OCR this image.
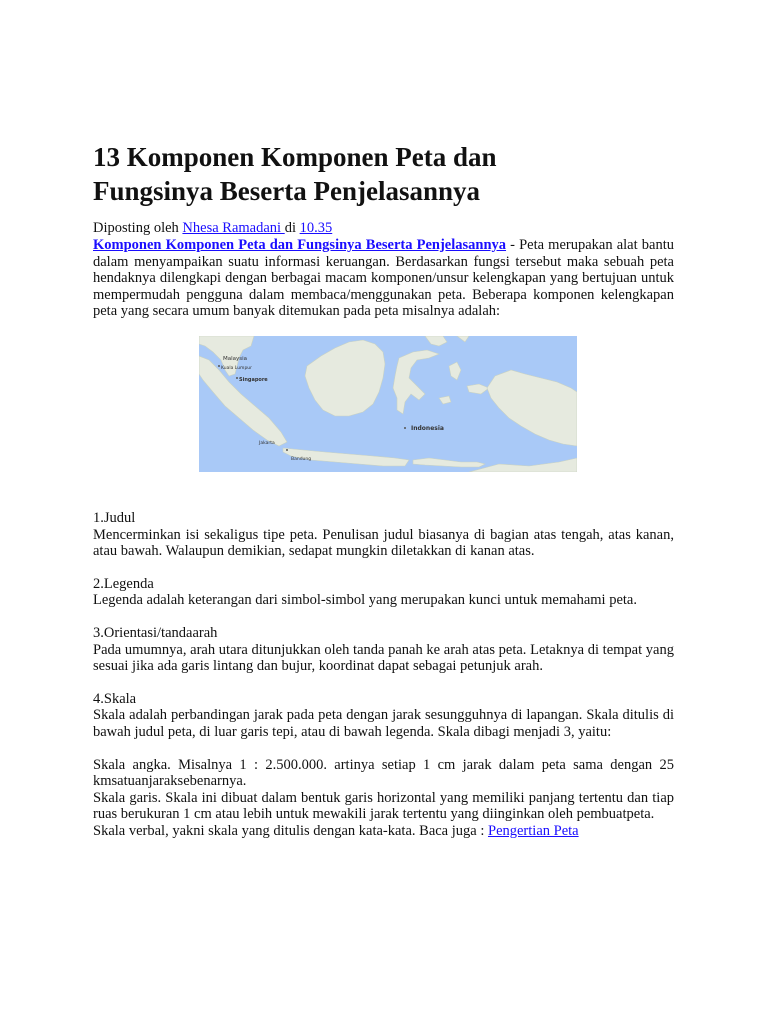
13 Komponen Komponen Peta dan
Fungsinya Beserta Penjelasannya
Diposting oleh Nhesa Ramadani di 10.35

Komponen Komponen Peta dan Fungsinya Beserta Penjelasannya - Peta merupakan alat bantu dalam menyampaikan suatu informasi keruangan. Berdasarkan fungsi tersebut maka sebuah peta hendaknya dilengkapi dengan berbagai macam komponen/unsur kelengkapan yang bertujuan untuk mempermudah pengguna dalam membaca/menggunakan peta. Beberapa komponen kelengkapan peta yang secara umum banyak ditemukan pada peta misalnya adalah:

Malaysia
Kuala Lumpur
Singapore
Indonesia
Jakarta
Bandung
1.Judul

Mencerminkan isi sekaligus tipe peta. Penulisan judul biasanya di bagian atas tengah, atas kanan, atau bawah. Walaupun demikian, sedapat mungkin diletakkan di kanan atas.

2.Legenda

Legenda adalah keterangan dari simbol-simbol yang merupakan kunci untuk memahami peta.

3.Orientasi/tandaarah

Pada umumnya, arah utara ditunjukkan oleh tanda panah ke arah atas peta. Letaknya di tempat yang sesuai jika ada garis lintang dan bujur, koordinat dapat sebagai petunjuk arah.

4.Skala

Skala adalah perbandingan jarak pada peta dengan jarak sesungguhnya di lapangan. Skala ditulis di bawah judul peta, di luar garis tepi, atau di bawah legenda. Skala dibagi menjadi 3, yaitu:

Skala angka. Misalnya 1 : 2.500.000. artinya setiap 1 cm jarak dalam peta sama dengan 25 kmsatuanjaraksebenarnya.

Skala garis. Skala ini dibuat dalam bentuk garis horizontal yang memiliki panjang tertentu dan tiap ruas berukuran 1 cm atau lebih untuk mewakili jarak tertentu yang diinginkan oleh pembuatpeta.

Skala verbal, yakni skala yang ditulis dengan kata-kata. Baca juga : Pengertian Peta
